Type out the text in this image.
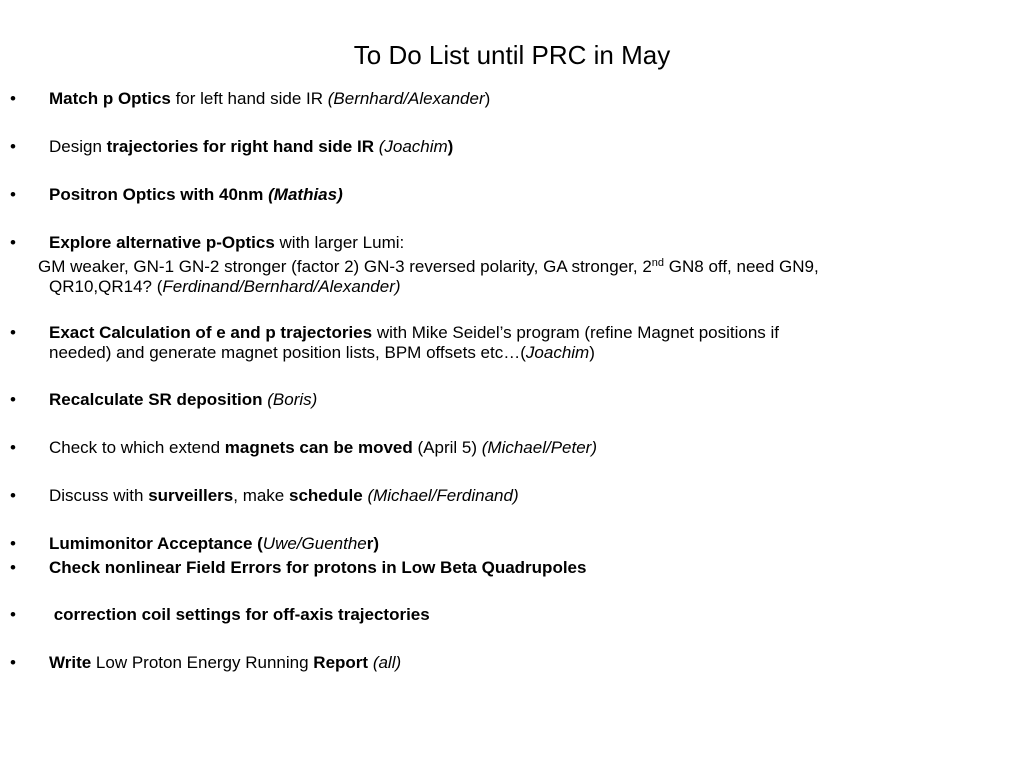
To Do List until PRC in May
• Match p Optics for left hand side IR (Bernhard/Alexander)
• Design trajectories for right hand side IR (Joachim)
• Positron Optics with 40nm (Mathias)
• Explore alternative p-Optics with larger Lumi:
GM weaker, GN-1 GN-2 stronger (factor 2) GN-3 reversed polarity, GA stronger, 2nd GN8 off, need GN9,
QR10,QR14? (Ferdinand/Bernhard/Alexander)
• Exact Calculation of e and p trajectories with Mike Seidel’s program (refine Magnet positions if
needed) and generate magnet position lists, BPM offsets etc…(Joachim)
• Recalculate SR deposition (Boris)
• Check to which extend magnets can be moved (April 5) (Michael/Peter)
• Discuss with surveillers, make schedule (Michael/Ferdinand)
• Lumimonitor Acceptance (Uwe/Guenther)
• Check nonlinear Field Errors for protons in Low Beta Quadrupoles
• correction coil settings for off-axis trajectories
• Write Low Proton Energy Running Report (all)
